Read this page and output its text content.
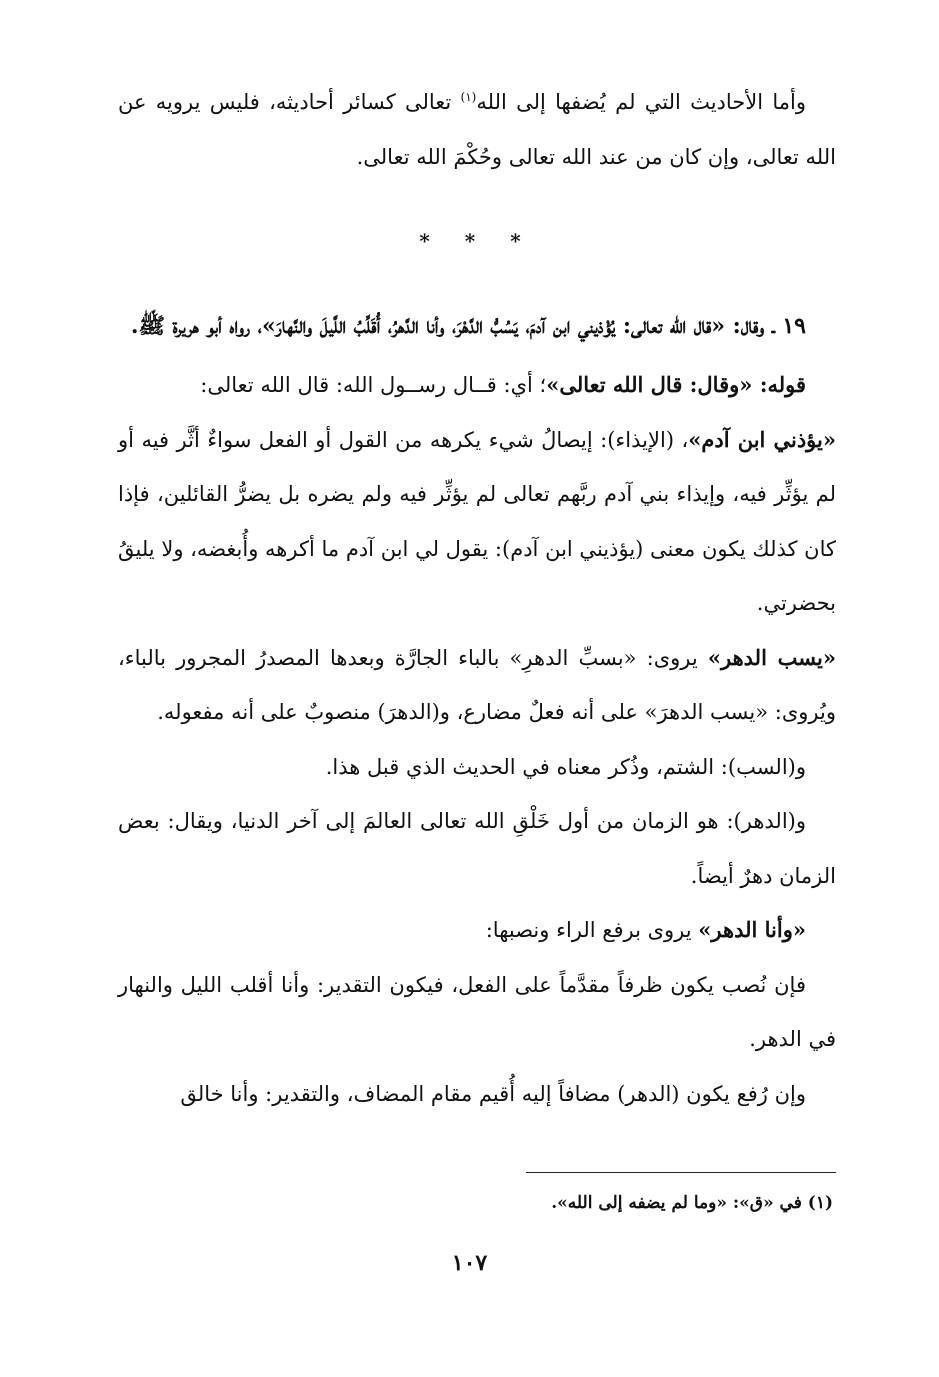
وأما الأحاديث التي لم يُضفها إلى الله$^{(١)}$ تعالى كسائر أحاديثه، فليس يرويه عن الله تعالى، وإن كان من عند الله تعالى وحُكْمَ الله تعالى.

* * *

١٩ ـ وقال: «قال الله تعالى: يُؤْذيني ابن آدمَ، يَسُبُّ الدَّهْرَ، وأنا الدَّهرُ، أُقَلِّبُ اللَّيلَ والنَّهارَ»، رواه أبو هريرة ﷺ.

قوله: «وقال: قال الله تعالى»؛ أي: قــال رســول الله: قال الله تعالى:

«يؤذني ابن آدم»، (الإيذاء): إيصالُ شيء يكرهه من القول أو الفعل سواءٌ أثَّر فيه أو لم يؤثِّر فيه، وإيذاء بني آدم ربَّهم تعالى لم يؤثِّر فيه ولم يضره بل يضرُّ القائلين، فإذا كان كذلك يكون معنى (يؤذيني ابن آدم): يقول لي ابن آدم ما أكرهه وأُبغضه، ولا يليقُ بحضرتي.

«يسب الدهر» يروى: «بسبِّ الدهرِ» بالباء الجارَّة وبعدها المصدرُ المجرور بالباء، ويُروى: «يسب الدهرَ» على أنه فعلٌ مضارع، و(الدهرَ) منصوبٌ على أنه مفعوله.

و(السب): الشتم، وذُكر معناه في الحديث الذي قبل هذا.

و(الدهر): هو الزمان من أول خَلْقِ الله تعالى العالمَ إلى آخر الدنيا، ويقال: بعض الزمان دهرٌ أيضاً.

«وأنا الدهر» يروى برفع الراء ونصبها:

فإن نُصب يكون ظرفاً مقدَّماً على الفعل، فيكون التقدير: وأنا أقلب الليل والنهار في الدهر.

وإن رُفع يكون (الدهر) مضافاً إليه أُقيم مقام المضاف، والتقدير: وأنا خالق

(١) في «ق»: «وما لم يضفه إلى الله».
١٠٧
